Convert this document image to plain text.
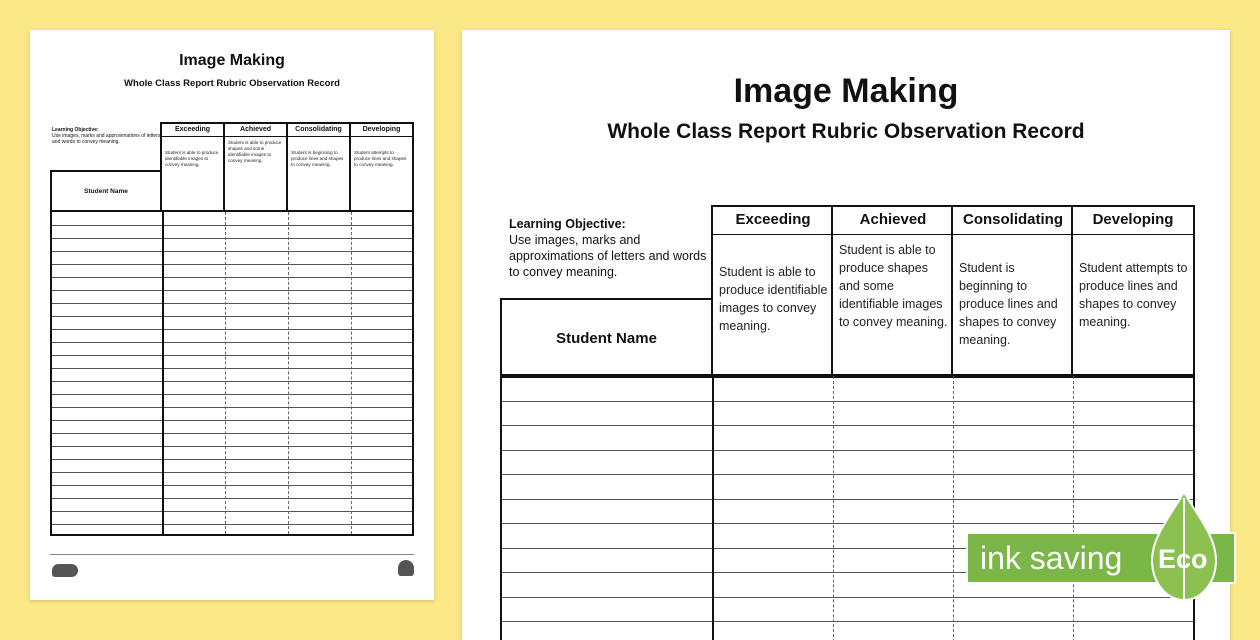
Image Making
Whole Class Report Rubric Observation Record
Learning Objective:
Use images, marks and approximations of letters and words to convey meaning.
Exceeding
Student is able to produce identifiable images to convey meaning.
Achieved
Student is able to produce shapes and some identifiable images to convey meaning.
Consolidating
Student is beginning to produce lines and shapes to convey meaning.
Developing
Student attempts to produce lines and shapes to convey meaning.
Student Name
Image Making
Whole Class Report Rubric Observation Record
Learning Objective:
Use images, marks and approximations of letters and words to convey meaning.
Exceeding
Student is able to produce identifiable images to convey meaning.
Achieved
Student is able to produce shapes and some identifiable images to convey meaning.
Consolidating
Student is beginning to produce lines and shapes to convey meaning.
Developing
Student attempts to produce lines and shapes to convey meaning.
Student Name
ink saving Eco
